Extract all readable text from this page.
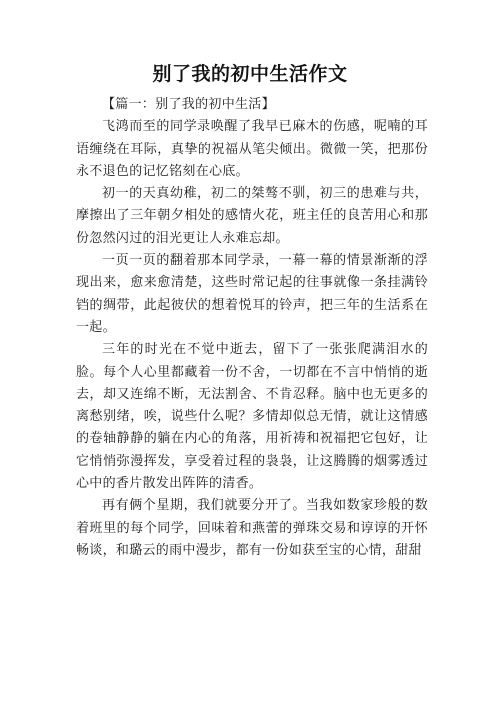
别了我的初中生活作文

【篇一：别了我的初中生活】

飞鸿而至的同学录唤醒了我早已麻木的伤感，呢喃的耳语缠绕在耳际，真挚的祝福从笔尖倾出。微微一笑，把那份永不退色的记忆铭刻在心底。

初一的天真幼稚，初二的桀骜不驯，初三的患难与共，摩擦出了三年朝夕相处的感情火花，班主任的良苦用心和那份忽然闪过的泪光更让人永难忘却。

一页一页的翻着那本同学录，一幕一幕的情景渐渐的浮现出来，愈来愈清楚，这些时常记起的往事就像一条挂满铃铛的绸带，此起彼伏的想着悦耳的铃声，把三年的生活系在一起。

三年的时光在不觉中逝去，留下了一张张爬满泪水的脸。每个人心里都藏着一份不舍，一切都在不言中悄悄的逝去，却又连绵不断，无法割舍、不肯忍释。脑中也无更多的离愁别绪，唉，说些什么呢？多情却似总无情，就让这情感的卷轴静静的躺在内心的角落，用祈祷和祝福把它包好，让它悄悄弥漫挥发，享受着过程的袅袅，让这腾腾的烟雾透过心中的香片散发出阵阵的清香。

再有俩个星期，我们就要分开了。当我如数家珍般的数着班里的每个同学，回味着和燕蕾的弹珠交易和谆谆的开怀畅谈，和璐云的雨中漫步，都有一份如获至宝的心情，甜甜
